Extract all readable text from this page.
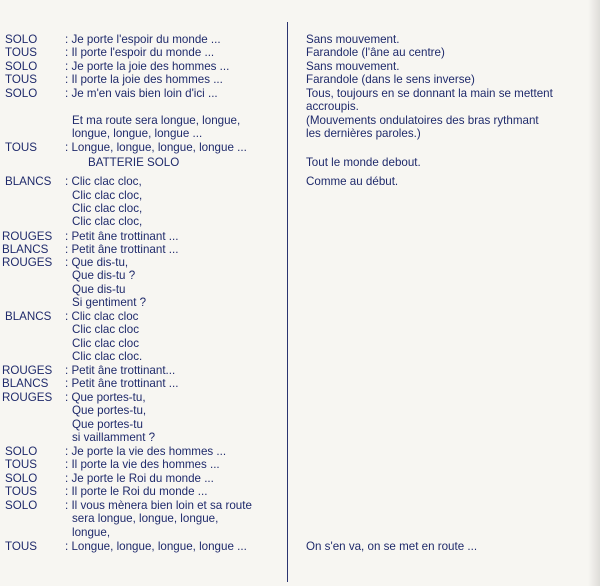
SOLO : Je porte l'espoir du monde ...
TOUS : Il porte l'espoir du monde ...
SOLO : Je porte la joie des hommes ...
TOUS : Il porte la joie des hommes ...
SOLO : Je m'en vais bien loin d'ici ...
Et ma route sera longue, longue,
longue, longue, longue ...
TOUS : Longue, longue, longue, longue ...
BATTERIE SOLO
BLANCS : Clic clac cloc,
Clic clac cloc,
Clic clac cloc,
Clic clac cloc,
ROUGES : Petit âne trottinant ...
BLANCS : Petit âne trottinant ...
ROUGES : Que dis-tu,
Que dis-tu ?
Que dis-tu
Si gentiment ?
BLANCS : Clic clac cloc
Clic clac cloc
Clic clac cloc
Clic clac cloc.
ROUGES : Petit âne trottinant...
BLANCS : Petit âne trottinant ...
ROUGES : Que portes-tu,
Que portes-tu,
Que portes-tu
si vaillamment ?
SOLO : Je porte la vie des hommes ...
TOUS : Il porte la vie des hommes ...
SOLO : Je porte le Roi du monde ...
TOUS : Il porte le Roi du monde ...
SOLO : Il vous mènera bien loin et sa route
sera longue, longue, longue,
longue,
TOUS : Longue, longue, longue, longue ...
Sans mouvement.
Farandole (l'âne au centre)
Sans mouvement.
Farandole (dans le sens inverse)
Tous, toujours en se donnant la main se mettent accroupis.
(Mouvements ondulatoires des bras rythmant les dernières paroles.)
Tout le monde debout.
Comme au début.
On s'en va, on se met en route ...
